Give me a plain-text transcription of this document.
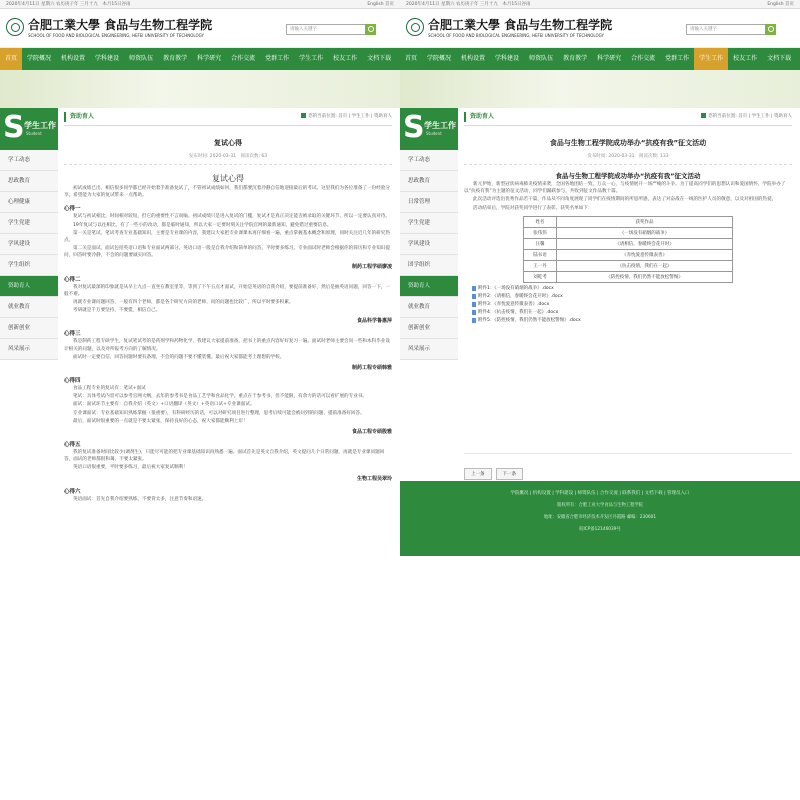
2020年4月11日 星期六 农历庚子年 三月十九　本月15日谷雨	English 首页
合肥工業大學 食品与生物工程学院
SCHOOL OF FOOD AND BIOLOGICAL ENGINEERING, HEFEI UNIVERSITY OF TECHNOLOGY
请输入关键字
首页	学院概况	机构设置	学科建设	师资队伍	教育教学	科学研究	合作交流	党群工作	学生工作	校友工作	文档下载
S 学生工作
Student
学工动态
思政教育
心理健康
学生党建
学风建设
学生组织
资助育人
就业教育
创新创业
风采展示
资助育人	您的当前位置: 首页 | 学生工作 | 资助育人
复试心得
发布时间: 2020-03-31　阅读次数: 63
复试心得
初试成绩已出，相信很多同学都已经开始着手准备复试了，不管初试成绩如何，我们都要沉着冷静自信地迎接最后的考试。这里我们为各位准备了一份经验分享，希望能为大家的复试带来一点帮助。
心得一
复试与初试相比，时间相对较短，但它的重要性不言而喻。初试成绩只是进入复试的门槛，复试才是真正决定能否被录取的关键环节，所以一定要认真对待。
19年复试与以往相比，有了一些小的改动，都是临时通知，所以大家一定要时刻关注学院官网的最新通知，避免错过重要信息。
第一关是笔试。笔试考查专业基础知识，主要是专业课的内容，我建议大家把专业课课本再仔细看一遍，重点掌握基本概念和原理，同时关注近几年的研究热点。
第二关是面试。面试包括英语口语和专业面试两部分。英语口语一般是自我介绍和简单的问答，平时要多练习。专业面试时老师会根据你的简历和专业知识提问，回答时要冷静，不会的问题要诚实回答。
制药工程学硕廖凌
心得二
我对复试最深的印象就是从早上九点一直坐在教室里等，等到了下午五点才面试，开始是英语的自我介绍，要提前准备好，然后是抽英语问题，回答一下，一般不难。
再就专业课问题回答，一般有四个老师，都是各个研究方向的老师，问的问题也比较广，所以平时要多积累。
考研就是千万要坚持，不要慌，相信自己。
食品科学鲁惠萍
心得三
我是制药工程专硕学生，复试笔试考的是药剂学和药物化学，我建议大家提前准备，把书上的重点内容好好复习一遍。面试时老师主要会问一些和本科毕业设计相关的问题，以及对所报考方向的了解情况。
面试时一定要自信，回答问题时要有条理，不会的问题不要不懂装懂。最后祝大家都能考上理想的学校。
制药工程专硕韩雅
心得四
食品工程专业的复试有：笔试+面试
笔试：具体考试内容可以参考官网大纲，去年的参考书是食品工艺学和食品化学，重点在于参考书，但不能限，有余力的话可以看扩展的专业书。
面试：面试环节主要有：自我介绍（英文）+口语翻译（英文）+英语口试+专业课面试。
专业课面试：专业基础知识熟练掌握（很重要），有科研经历的话，可以对研究项目进行整理，思考后续可能会被问到的问题，提前准备好回答。
最后，面试时很重要的一点就是不要太紧张，保持良好的心态，祝大家都能顺利上岸！
食品工程专硕殷雅
心得五
我的复试准备时间比较少(调剂生)，只能尽可能的把专业课基础知识再熟悉一遍。面试首先是英文自我介绍，英文提问几个日常问题，再就是专业课问题回答，面试的老师都很和蔼，不要太紧张。
英语口语很重要，平时要多练习，最后祝大家复试顺利！
生物工程吴翠玲
心得六
英语面试：首先自我介绍要熟练，不要背太多，注意节奏和语速。
2020年4月11日 星期六 农历庚子年 三月十九　本月15日谷雨	English 首页
合肥工業大學 食品与生物工程学院
SCHOOL OF FOOD AND BIOLOGICAL ENGINEERING, HEFEI UNIVERSITY OF TECHNOLOGY
请输入关键字
首页	学院概况	机构设置	学科建设	师资队伍	教育教学	科学研究	合作交流	党群工作	学生工作	校友工作	文档下载
S 学生工作
Student
学工动态
思政教育
日常管理
学生党建
学风建设
团学组织
资助育人
就业教育
创新创业
风采展示
资助育人	您的当前位置: 首页 | 学生工作 | 资助育人
食品与生物工程学院成功举办“抗疫有我”征文活动
发布时间: 2020-03-31　阅读次数: 133
食品与生物工程学院成功举办“抗疫有我”征文活动
新元伊始，新型冠状病毒肺炎疫情来袭，全国各地团结一致、万众一心，与疫情展开一场严峻的斗争。为了提高同学们的思想认识和爱国情怀，学院举办了以“抗疫有我”为主题的征文活动，同学们踊跃参与，共收到征文作品数十篇。
此次活动评选出优秀作品若干篇，作品从不同角度展现了同学们在疫情期间的所思所感，表达了对奋战在一线的医护人员的敬意，以及对祖国的热爱。
活动结束后，学院对获奖同学进行了表彰。获奖名单如下：
姓名	获奖作品
张伟伟	《一场没有硝烟的战争》
汪馨	《请相信，春暖终会花开时》
陆书语	《赤忱爱意传微表善》
王一丹	《抗击疫情，我们在一起》
刘乾考	《防控疫情，我们仍然不能放松警惕》
附件1：《一场没有硝烟的战争》.docx
附件2：《请相信，春暖终会花开时》.docx
附件3：《赤忱爱意传微表善》.docx
附件4：《抗击疫情，我们在一起》.docx
附件5：《防控疫情，我们仍然不能放松警惕》.docx
上一条	下一条
学院概况 | 机构设置 | 学科建设 | 师资队伍 | 合作交流 | 联系我们 | 文档下载 | 管理员入口
版权所有：合肥工业大学食品与生物工程学院
地址：安徽省合肥市经济技术开发区丹霞路 邮编：230601
皖ICP备12146039号
